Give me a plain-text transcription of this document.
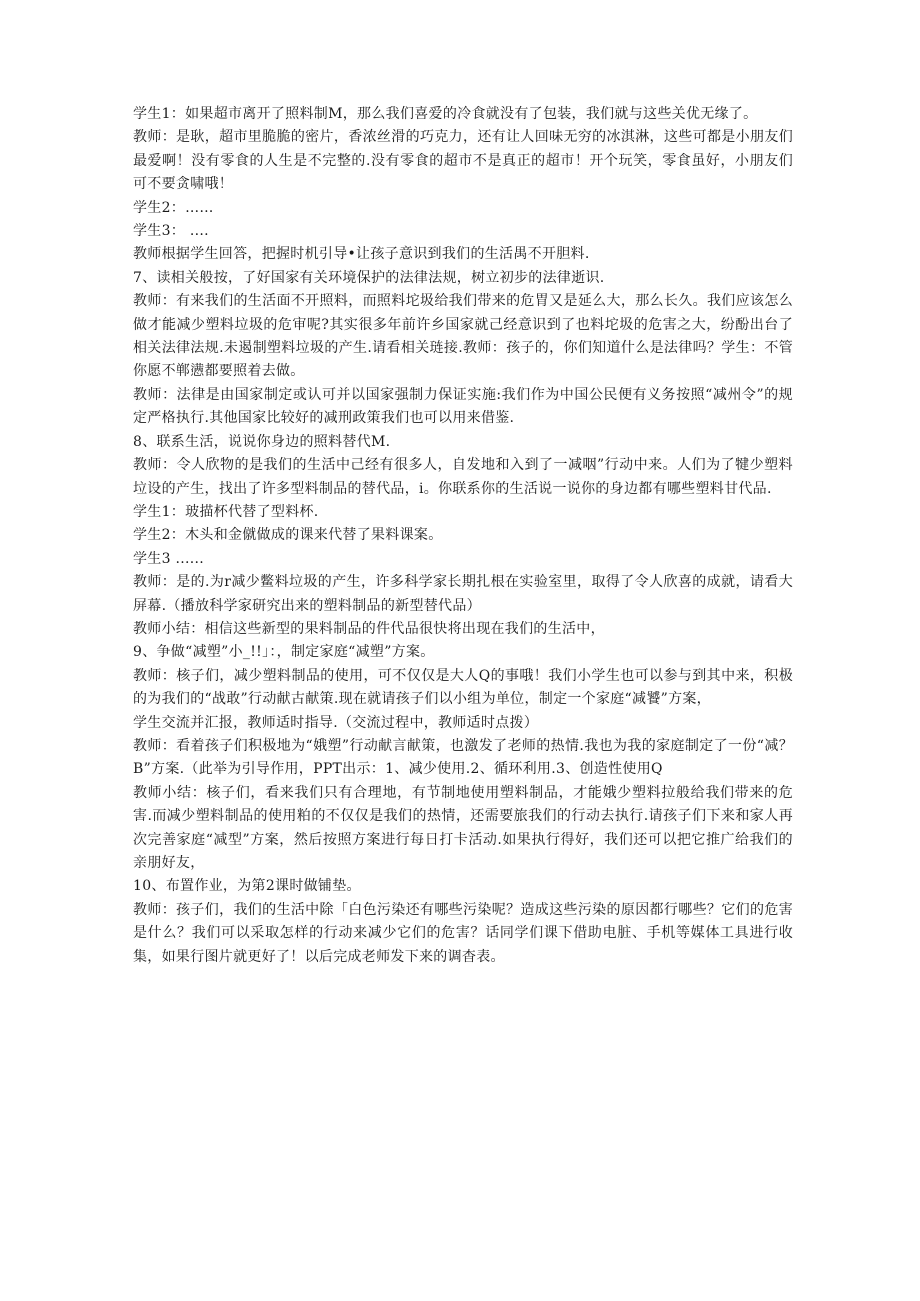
学生1：如果超市离开了照料制M，那么我们喜爱的冷食就没有了包装，我们就与这些关优无缘了。

教师：是耿，超市里脆脆的密片，香浓丝滑的巧克力，还有让人回味无穷的冰淇淋，这些可都是小朋友们最爱啊！没有零食的人生是不完整的.没有零食的超市不是真正的超市！开个玩笑，零食虽好，小朋友们可不要贪啸哦！

学生2：……

学生3： ....

教师根据学生回答，把握时机引导•让孩子意识到我们的生活禺不开胆料.

7、读相关般按，了好国家有关环境保护的法律法规，树立初步的法律逝识.

教师：有来我们的生活面不开照料，而照料坨圾给我们带来的危胃又是延么大，那么长久。我们应该怎么做才能减少塑料垃圾的危审呢?其实很多年前许乡国家就己经意识到了也料坨圾的危害之大，纷酚出台了相关法律法规.未遏制塑料垃圾的产生.请看相关琏接.教师：孩子的，你们知道什么是法律吗？学生：不管你愿不郸懑都要照着去做。

教师：法律是由国家制定或认可并以国家强制力保证实施:我们作为中国公民便有义务按照“减州令”的规定严格执行.其他国家比较好的减刑政策我们也可以用来借鉴.

8、联系生活，说说你身边的照料替代M.

教师：令人欣物的是我们的生活中己经有很多人，自发地和入到了一减咽”行动中来。人们为了犍少塑料垃设的产生，找出了许多型料制品的替代品，i。你联系你的生活说一说你的身边都有哪些塑料甘代品.

学生1：玻描杯代替了型料杯.

学生2：木头和金僦做成的课来代替了果料课案。

学生3 ......

教师：是的.为r减少鳖料垃圾的产生，许多科学家长期扎根在实验室里，取得了令人欣喜的成就，请看大屏幕.（播放科学家研究出来的塑料制品的新型替代品）

教师小结：相信这些新型的果料制品的件代品很快将出现在我们的生活中，

9、争做“减塑”小_!!」：，制定家庭“减塑”方案。

教师：核子们，减少塑料制品的使用，可不仅仅是大人Q的事哦！我们小学生也可以参与到其中来，积极的为我们的“战敢”行动献古献策.现在就请孩子们以小组为单位，制定一个家庭“减饕”方案，

学生交流并汇报，教师适时指导.（交流过程中，教师适时点拨）

教师：看着孩子们积极地为“娥塑”行动献言献策，也激发了老师的热情.我也为我的家庭制定了一份“减？B”方案.（此举为引导作用，PPT出示：1、减少使用.2、循环利用.3、创造性使用Q

教师小结：核子们，看来我们只有合理地，有节制地使用塑料制品，才能娥少塑料拉般给我们带来的危害.而减少塑料制品的使用粕的不仅仅是我们的热情，还需要旅我们的行动去执行.请孩子们下来和家人再次完善家庭“减型”方案，然后按照方案进行每日打卡活动.如果执行得好，我们还可以把它推广给我们的亲朋好友，

10、布置作业，为第2课时做铺垫。

教师：孩子们，我们的生活中除「白色污染还有哪些污染呢？造成这些污染的原因都行哪些？它们的危害是什么？我们可以采取怎样的行动来减少它们的危害？话同学们课下借助电脏、手机等媒体工具进行收集，如果行图片就更好了！以后完成老师发下来的调杳表。
